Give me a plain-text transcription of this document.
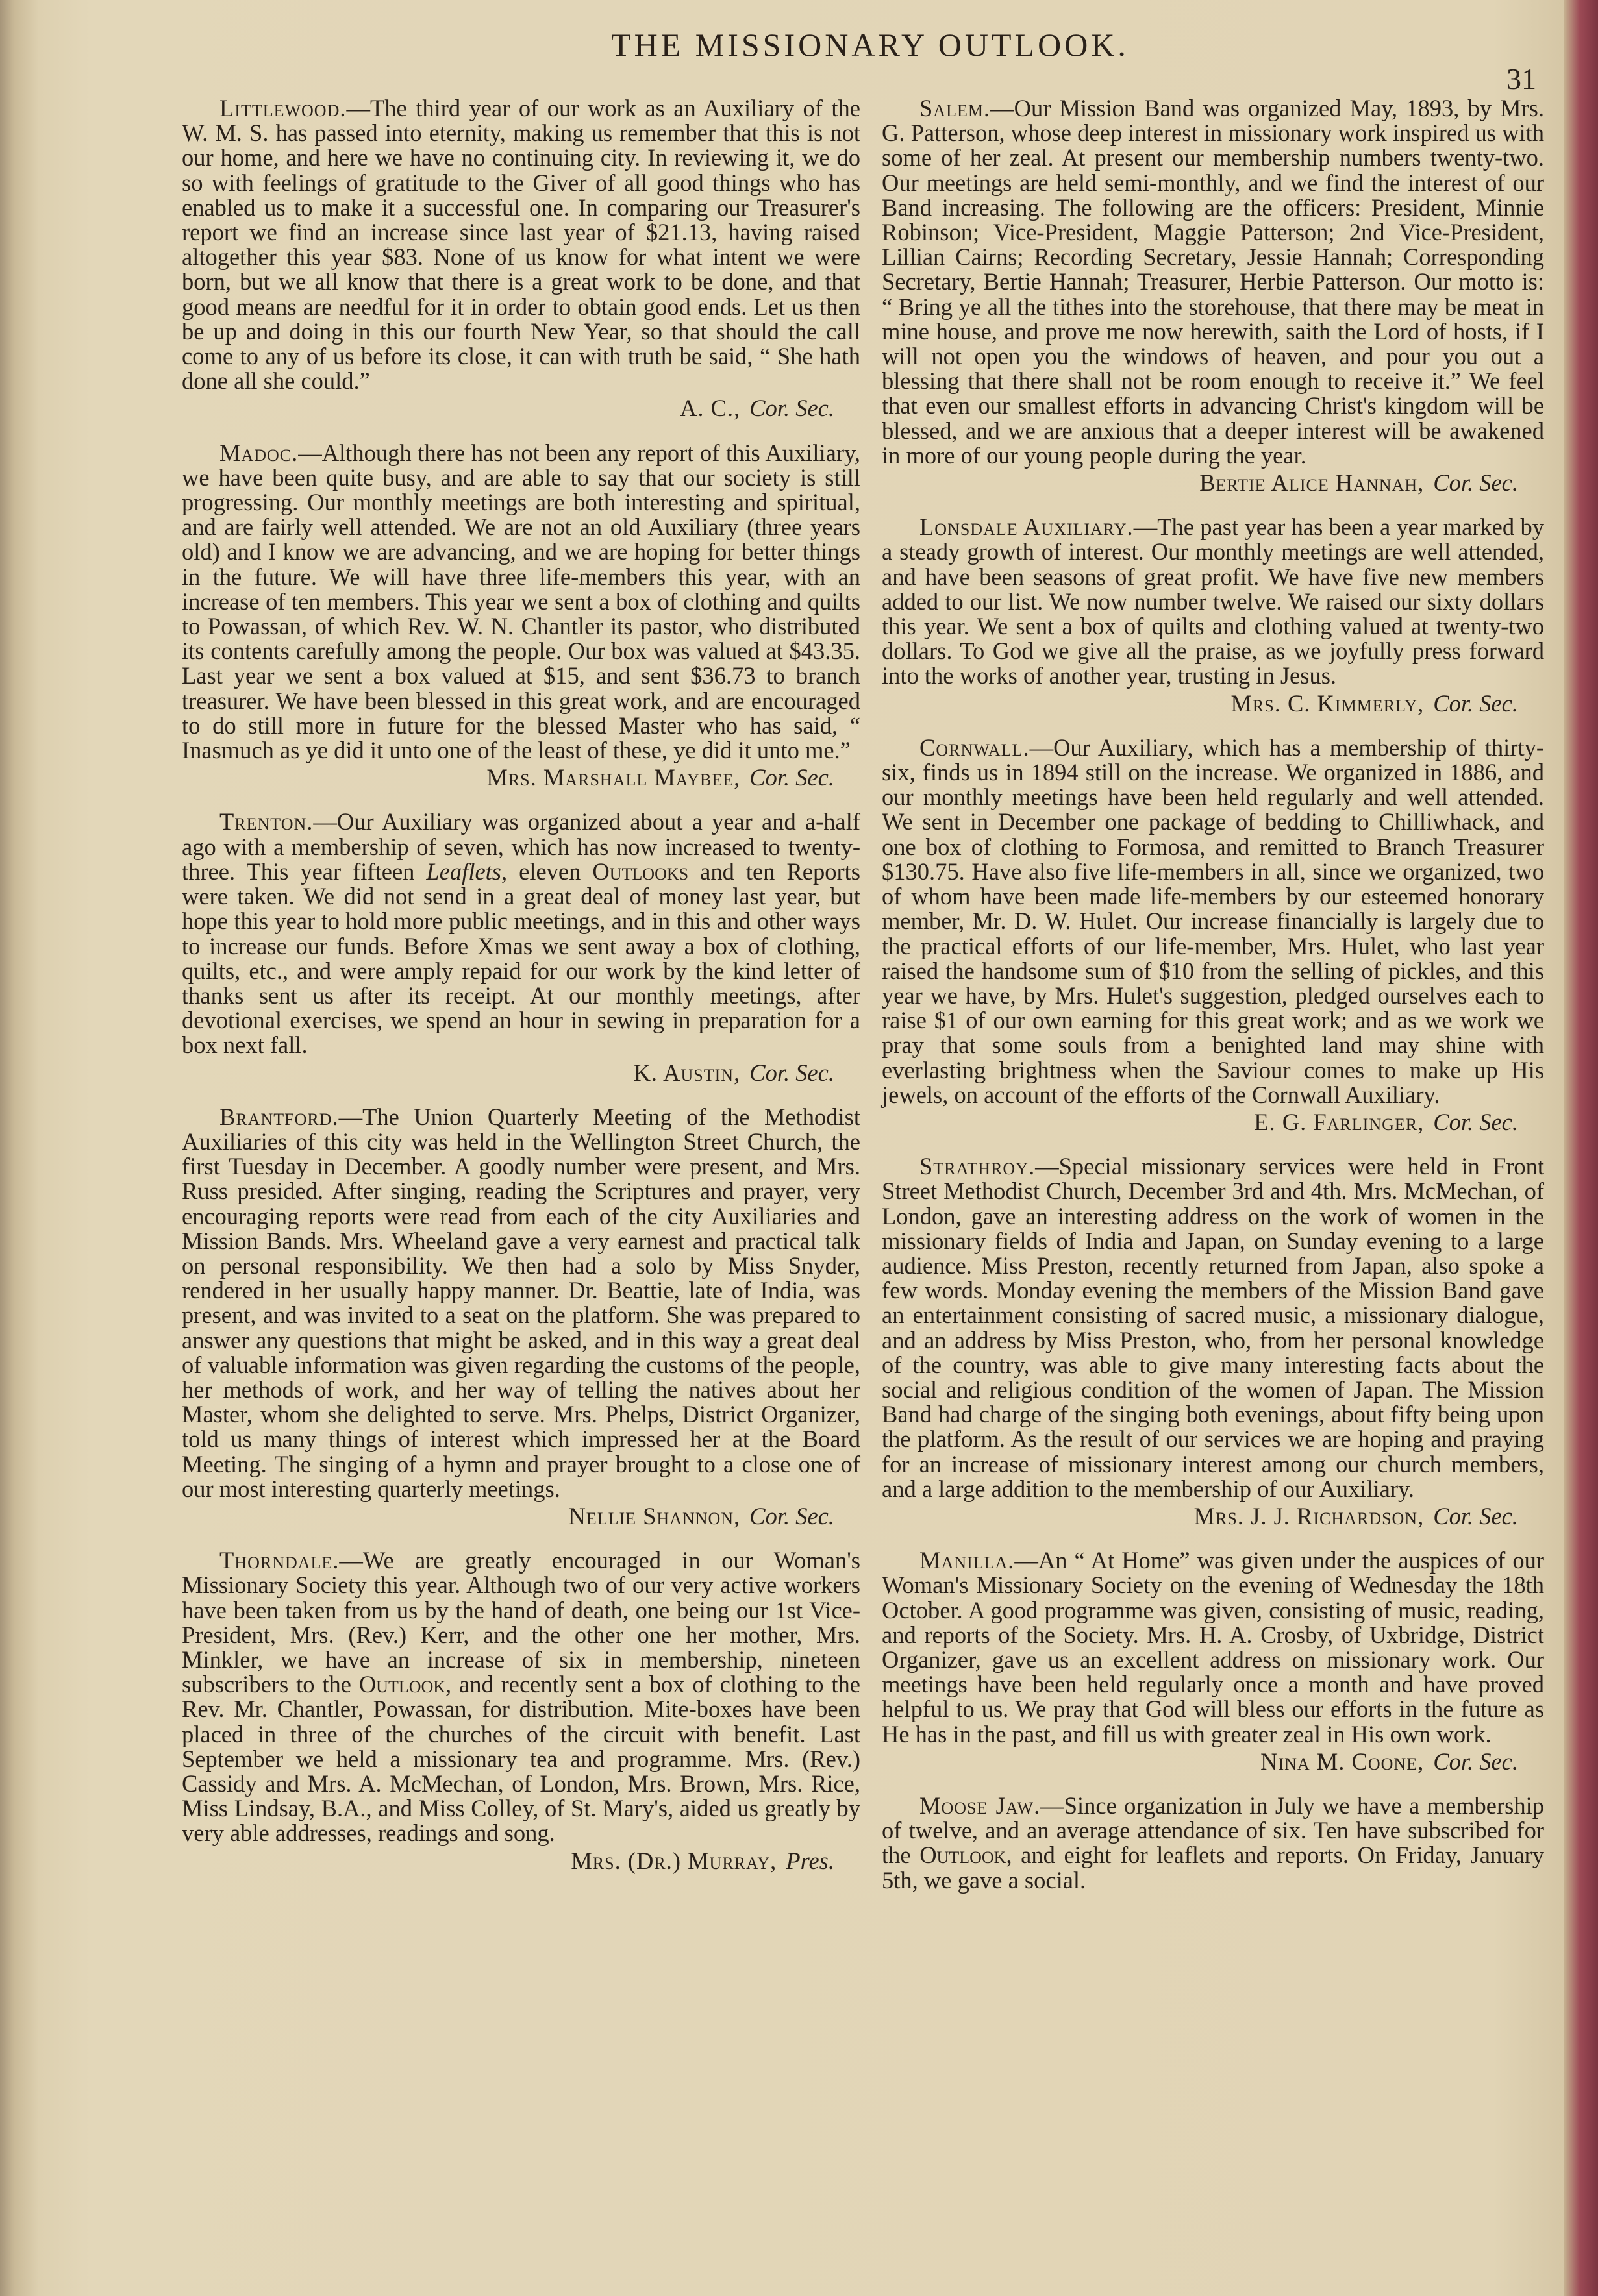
THE MISSIONARY OUTLOOK.
31

Littlewood.—The third year of our work as an Auxiliary of the W. M. S. has passed into eternity, making us remember that this is not our home, and here we have no continuing city. In reviewing it, we do so with feelings of gratitude to the Giver of all good things who has enabled us to make it a successful one. In comparing our Treasurer's report we find an increase since last year of $21.13, having raised altogether this year $83. None of us know for what intent we were born, but we all know that there is a great work to be done, and that good means are needful for it in order to obtain good ends. Let us then be up and doing in this our fourth New Year, so that should the call come to any of us before its close, it can with truth be said, “ She hath done all she could.”

A. C., Cor. Sec.

Madoc.—Although there has not been any report of this Auxiliary, we have been quite busy, and are able to say that our society is still progressing. Our monthly meetings are both interesting and spiritual, and are fairly well attended. We are not an old Auxiliary (three years old) and I know we are advancing, and we are hoping for better things in the future. We will have three life-members this year, with an increase of ten members. This year we sent a box of clothing and quilts to Powassan, of which Rev. W. N. Chantler its pastor, who distributed its contents carefully among the people. Our box was valued at $43.35. Last year we sent a box valued at $15, and sent $36.73 to branch treasurer. We have been blessed in this great work, and are encouraged to do still more in future for the blessed Master who has said, “ Inasmuch as ye did it unto one of the least of these, ye did it unto me.”

Mrs. Marshall Maybee, Cor. Sec.

Trenton.—Our Auxiliary was organized about a year and a-half ago with a membership of seven, which has now increased to twenty-three. This year fifteen Leaflets, eleven Outlooks and ten Reports were taken. We did not send in a great deal of money last year, but hope this year to hold more public meetings, and in this and other ways to increase our funds. Before Xmas we sent away a box of clothing, quilts, etc., and were amply repaid for our work by the kind letter of thanks sent us after its receipt. At our monthly meetings, after devotional exercises, we spend an hour in sewing in preparation for a box next fall.

K. Austin, Cor. Sec.

Brantford.—The Union Quarterly Meeting of the Methodist Auxiliaries of this city was held in the Wellington Street Church, the first Tuesday in December. A goodly number were present, and Mrs. Russ presided. After singing, reading the Scriptures and prayer, very encouraging reports were read from each of the city Auxiliaries and Mission Bands. Mrs. Wheeland gave a very earnest and practical talk on personal responsibility. We then had a solo by Miss Snyder, rendered in her usually happy manner. Dr. Beattie, late of India, was present, and was invited to a seat on the platform. She was prepared to answer any questions that might be asked, and in this way a great deal of valuable information was given regarding the customs of the people, her methods of work, and her way of telling the natives about her Master, whom she delighted to serve. Mrs. Phelps, District Organizer, told us many things of interest which impressed her at the Board Meeting. The singing of a hymn and prayer brought to a close one of our most interesting quarterly meetings.

Nellie Shannon, Cor. Sec.

Thorndale.—We are greatly encouraged in our Woman's Missionary Society this year. Although two of our very active workers have been taken from us by the hand of death, one being our 1st Vice-President, Mrs. (Rev.) Kerr, and the other one her mother, Mrs. Minkler, we have an increase of six in membership, nineteen subscribers to the Outlook, and recently sent a box of clothing to the Rev. Mr. Chantler, Powassan, for distribution. Mite-boxes have been placed in three of the churches of the circuit with benefit. Last September we held a missionary tea and programme. Mrs. (Rev.) Cassidy and Mrs. A. McMechan, of London, Mrs. Brown, Mrs. Rice, Miss Lindsay, B.A., and Miss Colley, of St. Mary's, aided us greatly by very able addresses, readings and song.

Mrs. (Dr.) Murray, Pres.

Salem.—Our Mission Band was organized May, 1893, by Mrs. G. Patterson, whose deep interest in missionary work inspired us with some of her zeal. At present our membership numbers twenty-two. Our meetings are held semi-monthly, and we find the interest of our Band increasing. The following are the officers: President, Minnie Robinson; Vice-President, Maggie Patterson; 2nd Vice-President, Lillian Cairns; Recording Secretary, Jessie Hannah; Corresponding Secretary, Bertie Hannah; Treasurer, Herbie Patterson. Our motto is: “ Bring ye all the tithes into the storehouse, that there may be meat in mine house, and prove me now herewith, saith the Lord of hosts, if I will not open you the windows of heaven, and pour you out a blessing that there shall not be room enough to receive it.” We feel that even our smallest efforts in advancing Christ's kingdom will be blessed, and we are anxious that a deeper interest will be awakened in more of our young people during the year.

Bertie Alice Hannah, Cor. Sec.

Lonsdale Auxiliary.—The past year has been a year marked by a steady growth of interest. Our monthly meetings are well attended, and have been seasons of great profit. We have five new members added to our list. We now number twelve. We raised our sixty dollars this year. We sent a box of quilts and clothing valued at twenty-two dollars. To God we give all the praise, as we joyfully press forward into the works of another year, trusting in Jesus.

Mrs. C. Kimmerly, Cor. Sec.

Cornwall.—Our Auxiliary, which has a membership of thirty-six, finds us in 1894 still on the increase. We organized in 1886, and our monthly meetings have been held regularly and well attended. We sent in December one package of bedding to Chilliwhack, and one box of clothing to Formosa, and remitted to Branch Treasurer $130.75. Have also five life-members in all, since we organized, two of whom have been made life-members by our esteemed honorary member, Mr. D. W. Hulet. Our increase financially is largely due to the practical efforts of our life-member, Mrs. Hulet, who last year raised the handsome sum of $10 from the selling of pickles, and this year we have, by Mrs. Hulet's suggestion, pledged ourselves each to raise $1 of our own earning for this great work; and as we work we pray that some souls from a benighted land may shine with everlasting brightness when the Saviour comes to make up His jewels, on account of the efforts of the Cornwall Auxiliary.

E. G. Farlinger, Cor. Sec.

Strathroy.—Special missionary services were held in Front Street Methodist Church, December 3rd and 4th. Mrs. McMechan, of London, gave an interesting address on the work of women in the missionary fields of India and Japan, on Sunday evening to a large audience. Miss Preston, recently returned from Japan, also spoke a few words. Monday evening the members of the Mission Band gave an entertainment consisting of sacred music, a missionary dialogue, and an address by Miss Preston, who, from her personal knowledge of the country, was able to give many interesting facts about the social and religious condition of the women of Japan. The Mission Band had charge of the singing both evenings, about fifty being upon the platform. As the result of our services we are hoping and praying for an increase of missionary interest among our church members, and a large addition to the membership of our Auxiliary.

Mrs. J. J. Richardson, Cor. Sec.

Manilla.—An “ At Home” was given under the auspices of our Woman's Missionary Society on the evening of Wednesday the 18th October. A good programme was given, consisting of music, reading, and reports of the Society. Mrs. H. A. Crosby, of Uxbridge, District Organizer, gave us an excellent address on missionary work. Our meetings have been held regularly once a month and have proved helpful to us. We pray that God will bless our efforts in the future as He has in the past, and fill us with greater zeal in His own work.

Nina M. Coone, Cor. Sec.

Moose Jaw.—Since organization in July we have a membership of twelve, and an average attendance of six. Ten have subscribed for the Outlook, and eight for leaflets and reports. On Friday, January 5th, we gave a social.
